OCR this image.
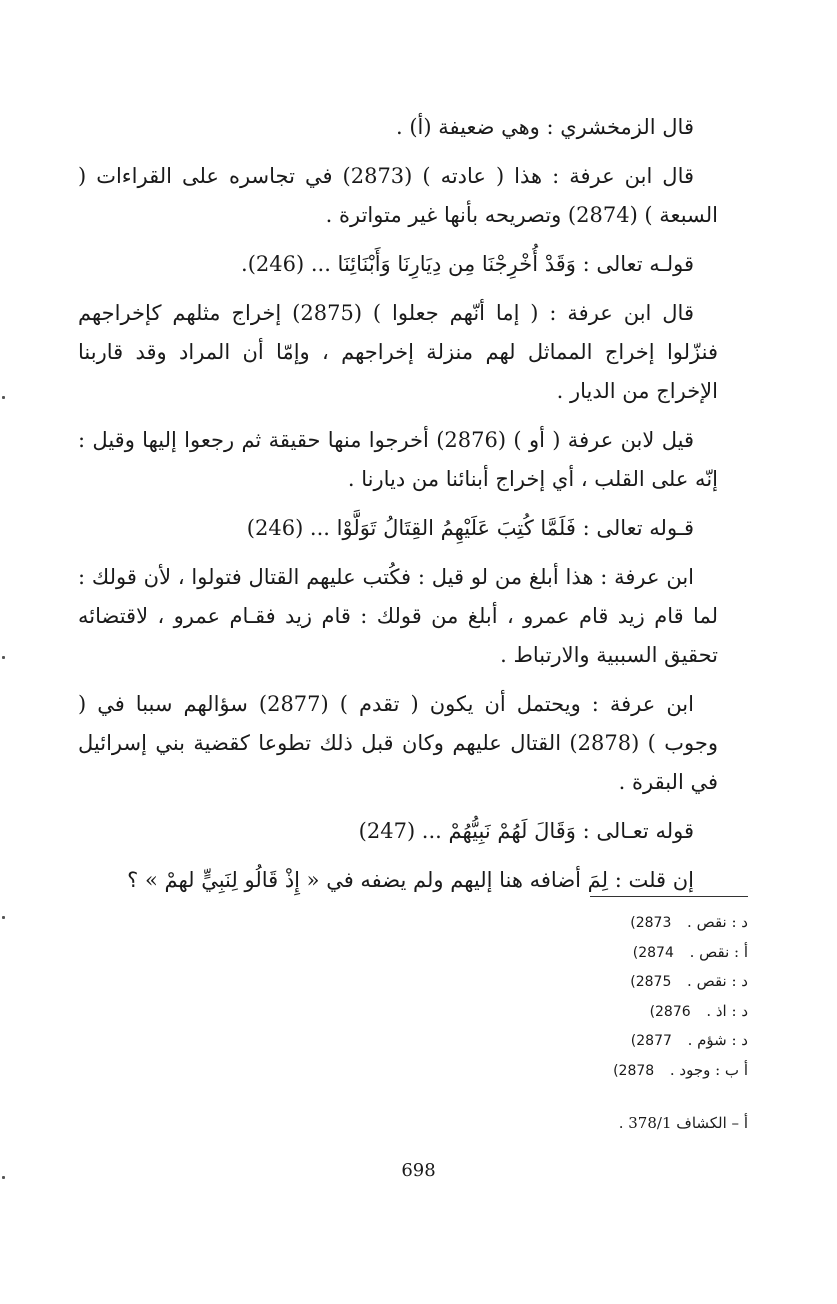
قال الزمخشري : وهي ضعيفة (أ) .

قال ابن عرفة : هذا ( عادته ) (2873) في تجاسره على القراءات ( السبعة ) (2874) وتصريحه بأنها غير متواترة .

قولـه تعالى : وَقَدْ أُخْرِجْنَا مِن دِيَارِنَا وَأَبْنَائِنَا ... (246).

قال ابن عرفة : ( إما أنّهم جعلوا ) (2875) إخراج مثلهم كإخراجهم فنزّلوا إخراج المماثل لهم منزلة إخراجهم ، وإمّا أن المراد وقد قاربنا الإخراج من الديار .

قيل لابن عرفة ( أو ) (2876) أخرجوا منها حقيقة ثم رجعوا إليها وقيل : إنّه على القلب ، أي إخراج أبنائنا من ديارنا .

قـوله تعالى : فَلَمَّا كُتِبَ عَلَيْهِمُ القِتَالُ تَوَلَّوْا ... (246)

ابن عرفة : هذا أبلغ من لو قيل : فكُتب عليهم القتال فتولوا ، لأن قولك : لما قام زيد قام عمرو ، أبلغ من قولك : قام زيد فقـام عمرو ، لاقتضائه تحقيق السببية والارتباط .

ابن عرفة : ويحتمل أن يكون ( تقدم ) (2877) سؤالهم سببا في ( وجوب ) (2878) القتال عليهم وكان قبل ذلك تطوعا كقضية بني إسرائيل في البقرة .

قوله تعـالى : وَقَالَ لَهُمْ نَبِيُّهُمْ ... (247)

إن قلت : لِمَ أضافه هنا إليهم ولم يضفه في « إِذْ قَالُو لِنَبِيٍّ لهمْ » ؟

د : نقص . (2873

أ : نقص . (2874

د : نقص . (2875

د : اذ . (2876

د : شؤم . (2877

أ ب : وجود . (2878

أ – الكشاف 378/1 .
698
